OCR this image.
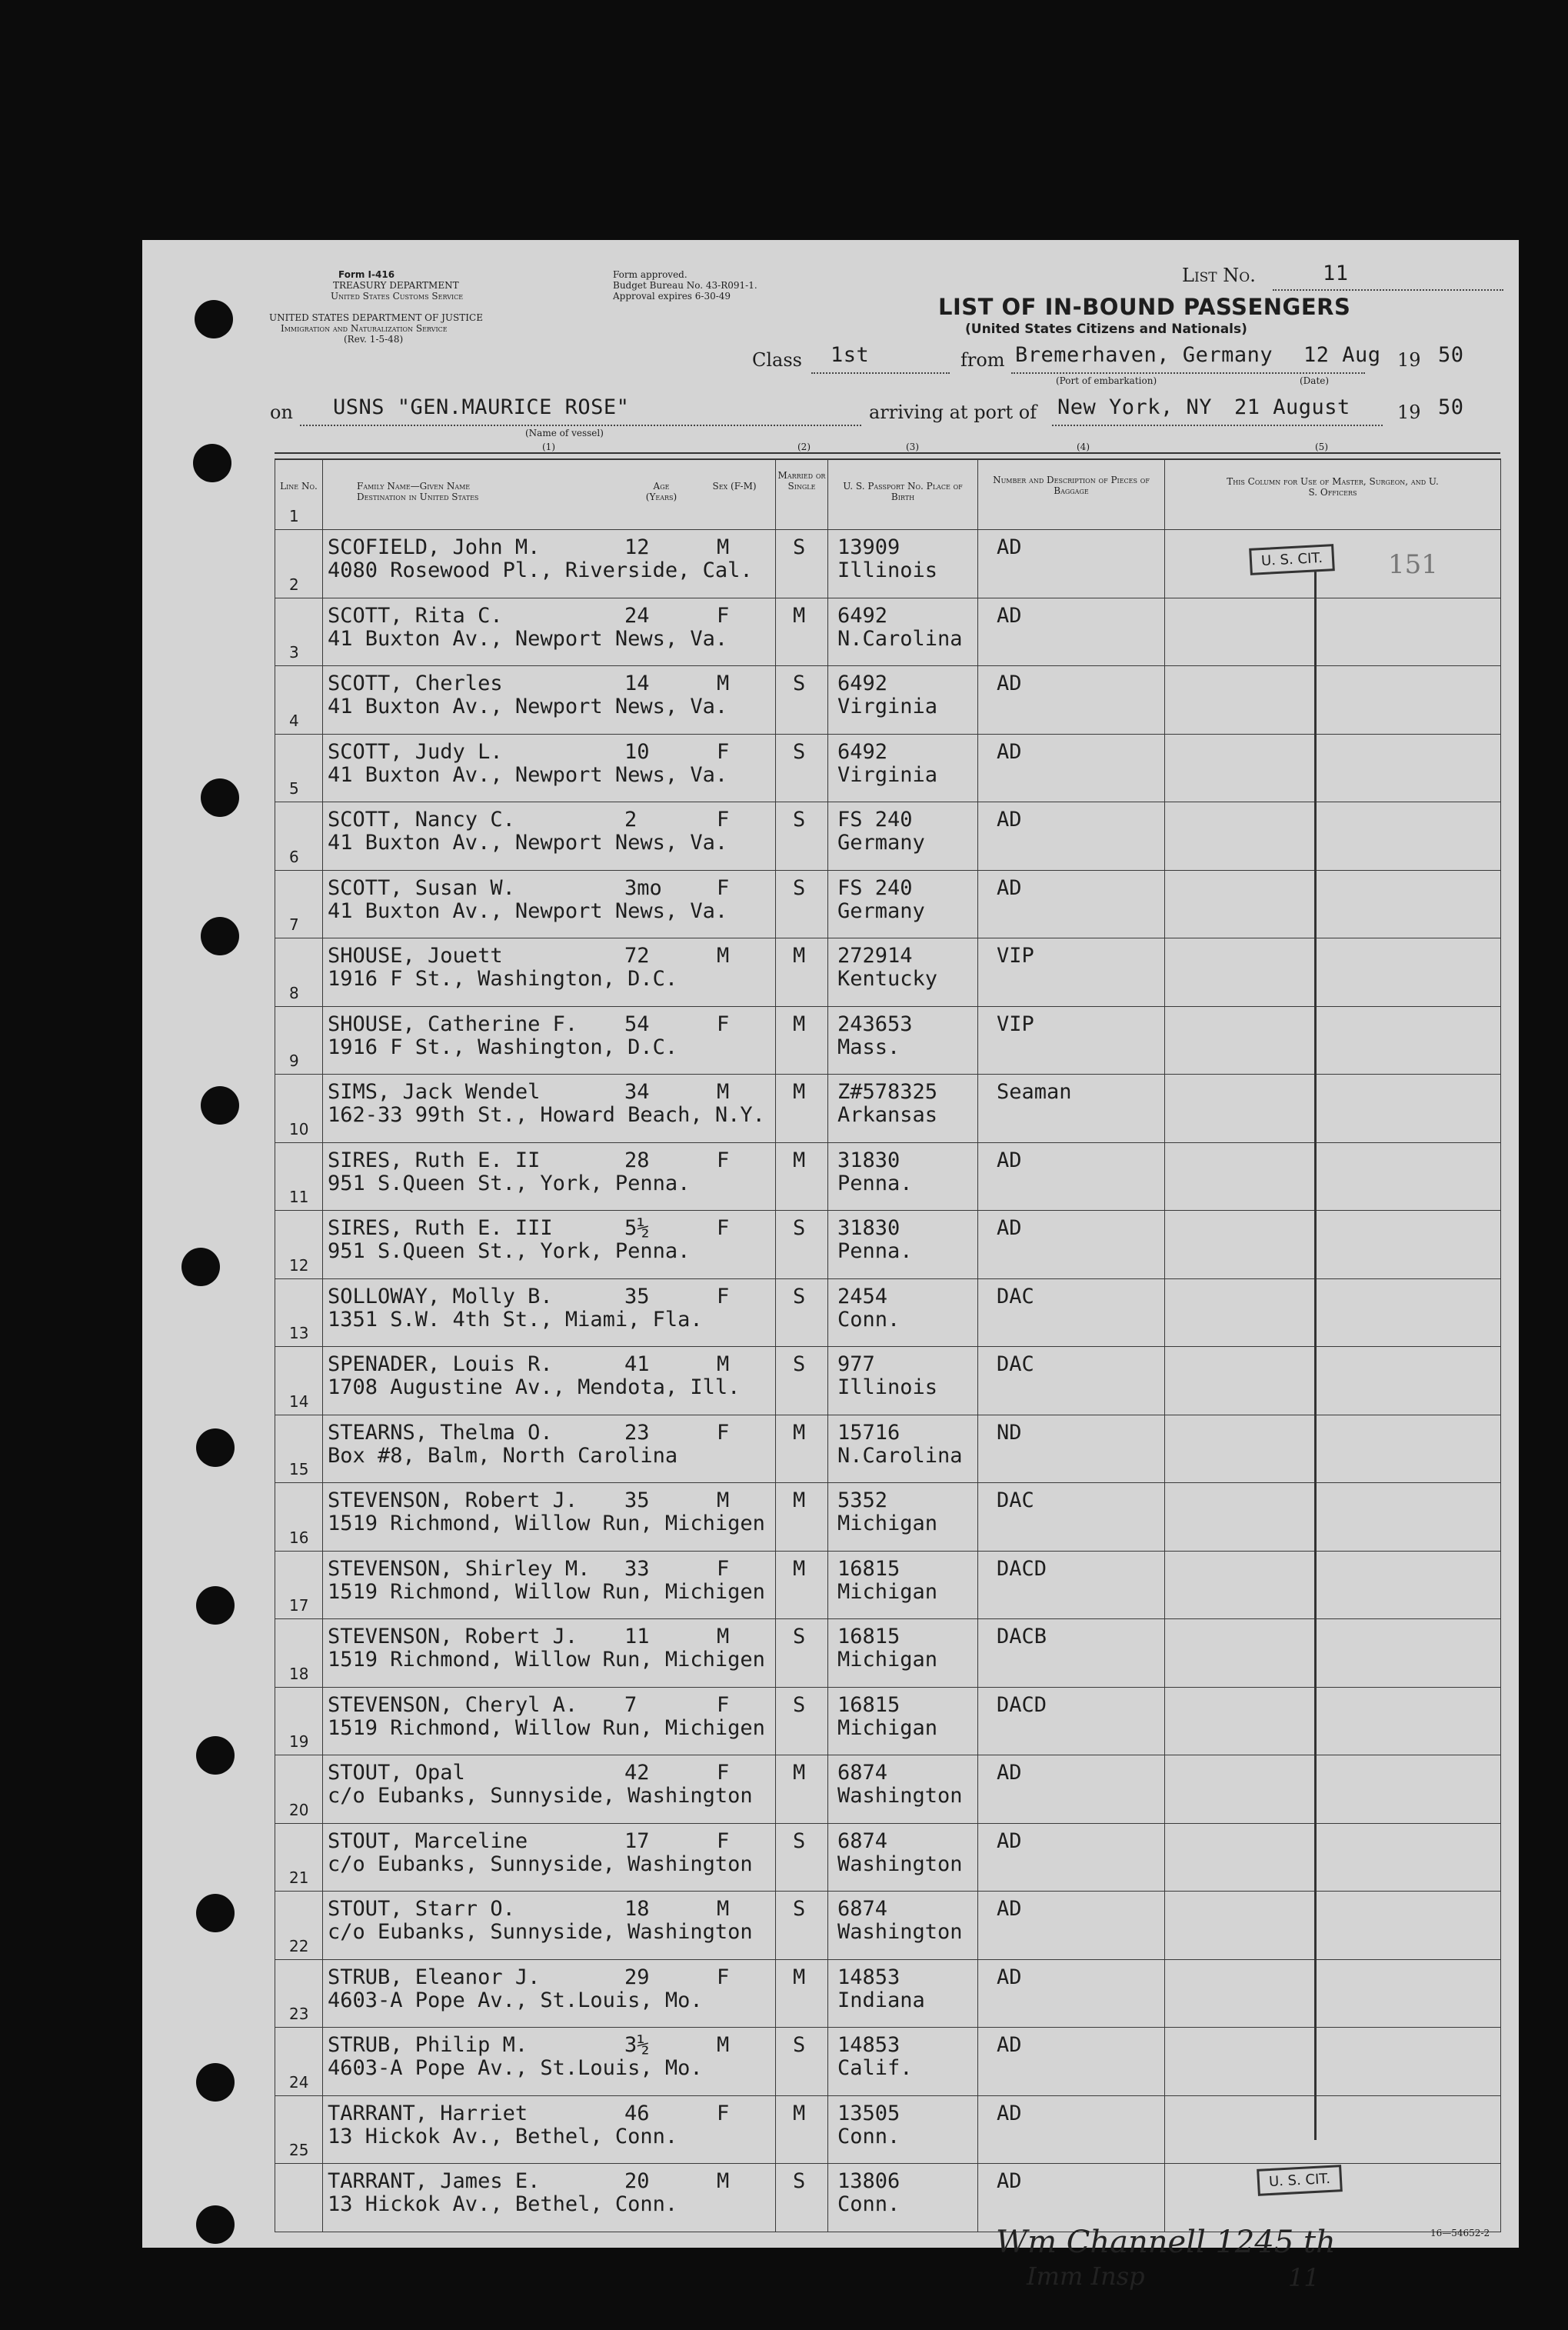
Form I-416
TREASURY DEPARTMENT
United States Customs Service
UNITED STATES DEPARTMENT OF JUSTICE
Immigration and Naturalization Service
(Rev. 1-5-48)
Form approved.
Budget Bureau No. 43-R091-1.
Approval expires 6-30-49
List No.	11
LIST OF IN-BOUND PASSENGERS
(United States Citizens and Nationals)
Class 1st	from Bremerhaven, Germany 12 Aug 19 50
(Port of embarkation)	(Date)
on USNS "GEN.MAURICE ROSE"
(Name of vessel)
arriving at port of New York, NY 21 August	19 50
(1)	(2)	(3)	(4)	(5)
Line No.	Family Name—Given Name
Destination in United States
Age (Years)
Sex (F-M)	Married or Single	U. S. Passport No. Place of Birth	Number and Description of Pieces of Baggage	This Column for Use of Master, Surgeon, and U. S. Officers

1	SCOFIELD, John M. 12 M
4080 Rosewood Pl., Riverside, Cal.	S	13909
Illinois	AD	

2	SCOTT, Rita C. 24 F
41 Buxton Av., Newport News, Va.	M	6492
N.Carolina	AD	

3	SCOTT, Cherles 14 M
41 Buxton Av., Newport News, Va.	S	6492
Virginia	AD	

4	SCOTT, Judy L. 10 F
41 Buxton Av., Newport News, Va.	S	6492
Virginia	AD	

5	SCOTT, Nancy C. 2 F
41 Buxton Av., Newport News, Va.	S	FS 240
Germany	AD	

6	SCOTT, Susan W. 3mo F
41 Buxton Av., Newport News, Va.	S	FS 240
Germany	AD	

7	SHOUSE, Jouett 72 M
1916 F St., Washington, D.C.	M	272914
Kentucky	VIP	

8	SHOUSE, Catherine F. 54 F
1916 F St., Washington, D.C.	M	243653
Mass.	VIP	

9	SIMS, Jack Wendel 34 M
162-33 99th St., Howard Beach, N.Y.	M	Z#578325
Arkansas	Seaman	

10	SIRES, Ruth E. II 28 F
951 S.Queen St., York, Penna.	M	31830
Penna.	AD	

11	SIRES, Ruth E. III 5½ F
951 S.Queen St., York, Penna.	S	31830
Penna.	AD	

12	SOLLOWAY, Molly B. 35 F
1351 S.W. 4th St., Miami, Fla.	S	2454
Conn.	DAC	

13	SPENADER, Louis R. 41 M
1708 Augustine Av., Mendota, Ill.	S	977
Illinois	DAC	

14	STEARNS, Thelma O. 23 F
Box #8, Balm, North Carolina	M	15716
N.Carolina	ND	

15	STEVENSON, Robert J. 35 M
1519 Richmond, Willow Run, Michigen	M	5352
Michigan	DAC	

16	STEVENSON, Shirley M. 33 F
1519 Richmond, Willow Run, Michigen	M	16815
Michigan	DACD	

17	STEVENSON, Robert J. 11 M
1519 Richmond, Willow Run, Michigen	S	16815
Michigan	DACB	

18	STEVENSON, Cheryl A. 7 F
1519 Richmond, Willow Run, Michigen	S	16815
Michigan	DACD	

19	STOUT, Opal 42 F
c/o Eubanks, Sunnyside, Washington	M	6874
Washington	AD	

20	STOUT, Marceline 17 F
c/o Eubanks, Sunnyside, Washington	S	6874
Washington	AD	

21	STOUT, Starr O. 18 M
c/o Eubanks, Sunnyside, Washington	S	6874
Washington	AD	

22	STRUB, Eleanor J. 29 F
4603-A Pope Av., St.Louis, Mo.	M	14853
Indiana	AD	

23	STRUB, Philip M. 3½ M
4603-A Pope Av., St.Louis, Mo.	S	14853
Calif.	AD	

24	TARRANT, Harriet 46 F
13 Hickok Av., Bethel, Conn.	M	13505
Conn.	AD	

25	TARRANT, James E. 20 M
13 Hickok Av., Bethel, Conn.	S	13806
Conn.	AD	

U. S. CIT.	151
U. S. CIT.
Wm Channell 1245 th
Imm Insp	11
16—54652-2
